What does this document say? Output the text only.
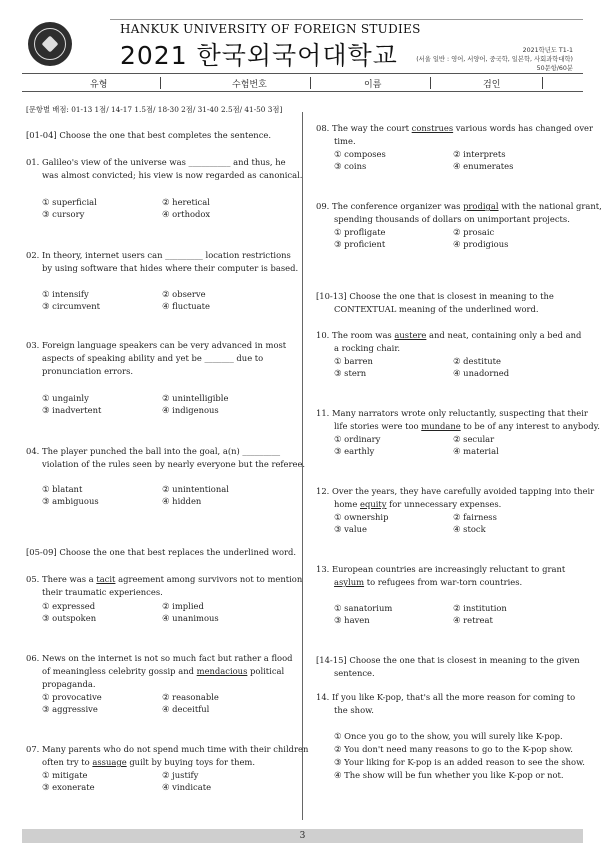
HANKUK UNIVERSITY OF FOREIGN STUDIES
2021 한국외국어대학교	2021학년도 T1-1
(서울 일반 : 영어, 서양어, 중국학, 일본학, 사회과학대학)
50문항/60분
유형	수험번호	이름	검인
[문항별 배점: 01-13 1점/ 14-17 1.5점/ 18-30 2점/ 31-40 2.5점/ 41-50 3점]
[01-04] Choose the one that best completes the sentence.
01. Galileo's view of the universe was __________ and thus, he
was almost convicted; his view is now regarded as canonical.
① superficial	② heretical
③ cursory	④ orthodox
02. In theory, internet users can _________ location restrictions
by using software that hides where their computer is based.
① intensify	② observe
③ circumvent	④ fluctuate
03. Foreign language speakers can be very advanced in most
aspects of speaking ability and yet be _______ due to
pronunciation errors.
① ungainly	② unintelligible
③ inadvertent	④ indigenous
04. The player punched the ball into the goal, a(n) _________
violation of the rules seen by nearly everyone but the referee.
① blatant	② unintentional
③ ambiguous	④ hidden
[05-09] Choose the one that best replaces the underlined word.
05. There was a tacit agreement among survivors not to mention
their traumatic experiences.
① expressed	② implied
③ outspoken	④ unanimous
06. News on the internet is not so much fact but rather a flood
of meaningless celebrity gossip and mendacious political
propaganda.
① provocative	② reasonable
③ aggressive	④ deceitful
07. Many parents who do not spend much time with their children
often try to assuage guilt by buying toys for them.
① mitigate	② justify
③ exonerate	④ vindicate
08. The way the court construes various words has changed over
time.
① composes	② interprets
③ coins	④ enumerates
09. The conference organizer was prodigal with the national grant,
spending thousands of dollars on unimportant projects.
① profligate	② prosaic
③ proficient	④ prodigious
[10-13] Choose the one that is closest in meaning to the
CONTEXTUAL meaning of the underlined word.
10. The room was austere and neat, containing only a bed and
a rocking chair.
① barren	② destitute
③ stern	④ unadorned
11. Many narrators wrote only reluctantly, suspecting that their
life stories were too mundane to be of any interest to anybody.
① ordinary	② secular
③ earthly	④ material
12. Over the years, they have carefully avoided tapping into their
home equity for unnecessary expenses.
① ownership	② fairness
③ value	④ stock
13. European countries are increasingly reluctant to grant
asylum to refugees from war-torn countries.
① sanatorium	② institution
③ haven	④ retreat
[14-15] Choose the one that is closest in meaning to the given
sentence.
14. If you like K-pop, that's all the more reason for coming to
the show.
① Once you go to the show, you will surely like K-pop.
② You don't need many reasons to go to the K-pop show.
③ Your liking for K-pop is an added reason to see the show.
④ The show will be fun whether you like K-pop or not.
3
